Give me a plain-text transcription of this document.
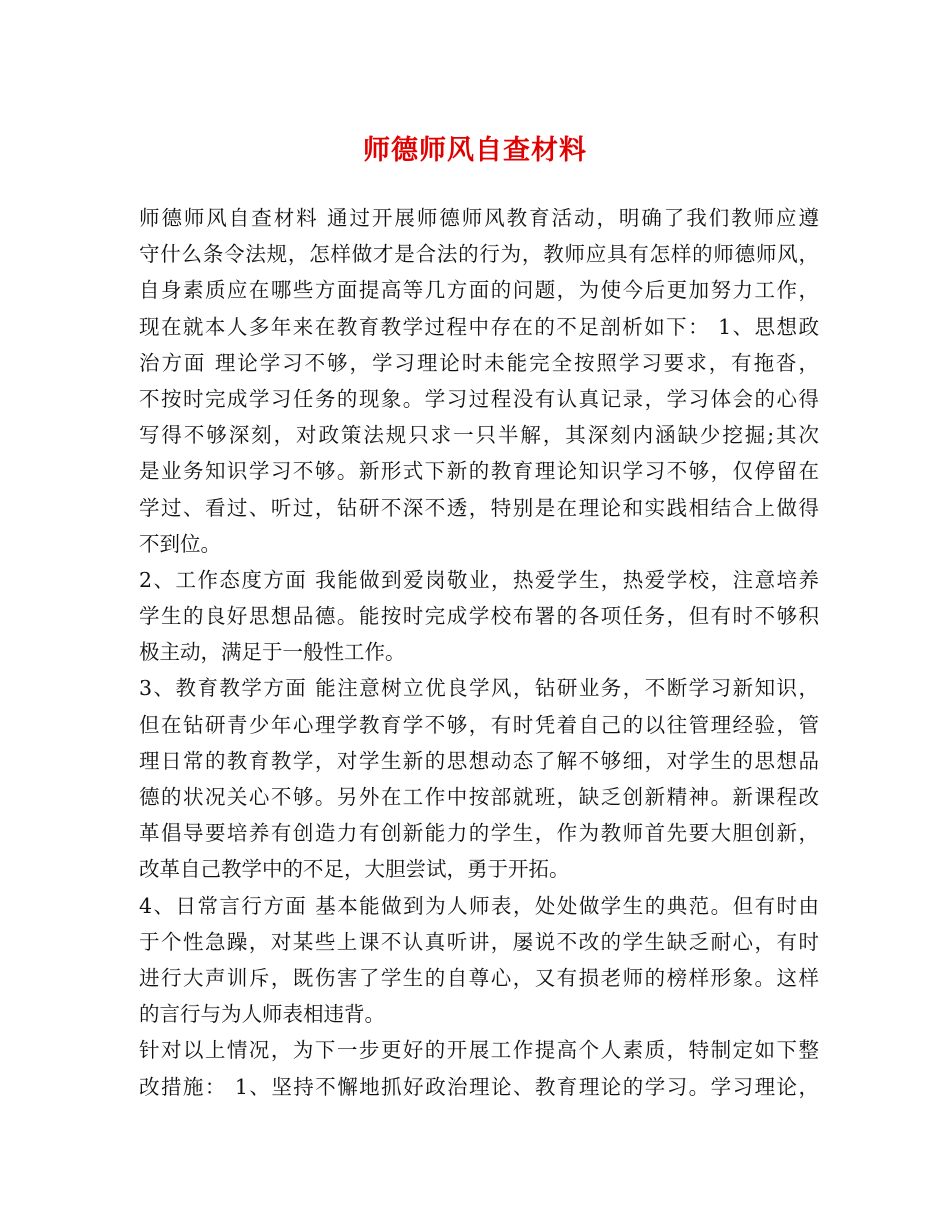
师德师风自查材料
师德师风自查材料 通过开展师德师风教育活动，明确了我们教师应遵
守什么条令法规，怎样做才是合法的行为，教师应具有怎样的师德师风，
自身素质应在哪些方面提高等几方面的问题，为使今后更加努力工作，
现在就本人多年来在教育教学过程中存在的不足剖析如下： 1、思想政
治方面 理论学习不够，学习理论时未能完全按照学习要求，有拖沓，
不按时完成学习任务的现象。学习过程没有认真记录，学习体会的心得
写得不够深刻，对政策法规只求一只半解，其深刻内涵缺少挖掘;其次
是业务知识学习不够。新形式下新的教育理论知识学习不够，仅停留在
学过、看过、听过，钻研不深不透，特别是在理论和实践相结合上做得
不到位。
2、工作态度方面 我能做到爱岗敬业，热爱学生，热爱学校，注意培养
学生的良好思想品德。能按时完成学校布署的各项任务，但有时不够积
极主动，满足于一般性工作。
3、教育教学方面 能注意树立优良学风，钻研业务，不断学习新知识，
但在钻研青少年心理学教育学不够，有时凭着自己的以往管理经验，管
理日常的教育教学，对学生新的思想动态了解不够细，对学生的思想品
德的状况关心不够。另外在工作中按部就班，缺乏创新精神。新课程改
革倡导要培养有创造力有创新能力的学生，作为教师首先要大胆创新，
改革自己教学中的不足，大胆尝试，勇于开拓。
4、日常言行方面 基本能做到为人师表，处处做学生的典范。但有时由
于个性急躁，对某些上课不认真听讲，屡说不改的学生缺乏耐心，有时
进行大声训斥，既伤害了学生的自尊心，又有损老师的榜样形象。这样
的言行与为人师表相违背。
针对以上情况，为下一步更好的开展工作提高个人素质，特制定如下整
改措施： 1、坚持不懈地抓好政治理论、教育理论的学习。学习理论，
